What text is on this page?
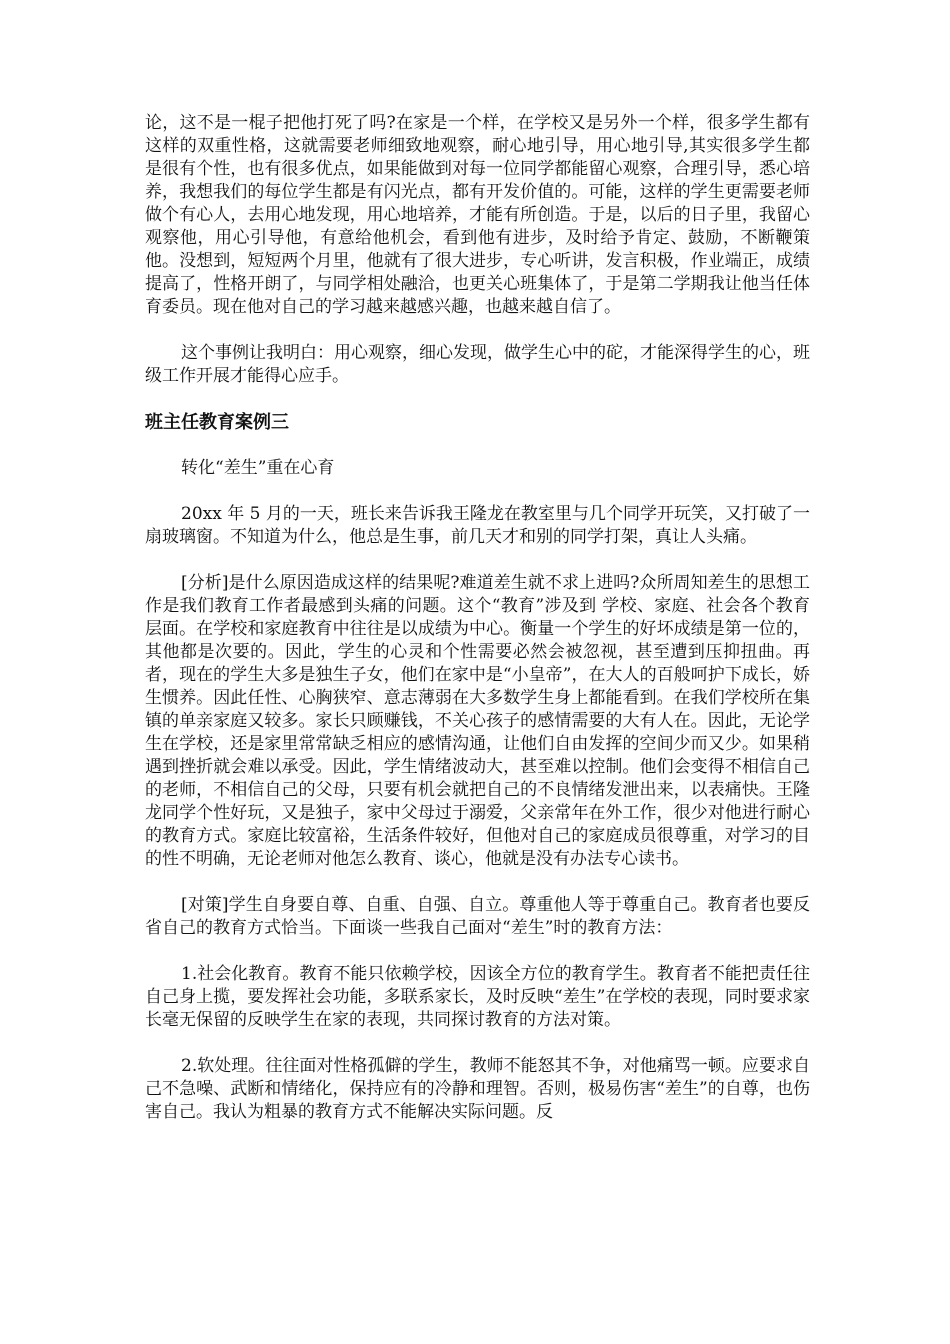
论，这不是一棍子把他打死了吗?在家是一个样，在学校又是另外一个样，很多学生都有这样的双重性格，这就需要老师细致地观察，耐心地引导，用心地引导,其实很多学生都是很有个性，也有很多优点，如果能做到对每一位同学都能留心观察，合理引导，悉心培养，我想我们的每位学生都是有闪光点，都有开发价值的。可能，这样的学生更需要老师做个有心人，去用心地发现，用心地培养，才能有所创造。于是，以后的日子里，我留心观察他，用心引导他，有意给他机会，看到他有进步，及时给予肯定、鼓励，不断鞭策他。没想到，短短两个月里，他就有了很大进步，专心听讲，发言积极，作业端正，成绩提高了，性格开朗了，与同学相处融洽，也更关心班集体了，于是第二学期我让他当任体育委员。现在他对自己的学习越来越感兴趣，也越来越自信了。

这个事例让我明白：用心观察，细心发现，做学生心中的砣，才能深得学生的心，班级工作开展才能得心应手。

班主任教育案例三

转化“差生”重在心育

20xx 年 5 月的一天，班长来告诉我王隆龙在教室里与几个同学开玩笑，又打破了一扇玻璃窗。不知道为什么，他总是生事，前几天才和别的同学打架，真让人头痛。

[分析]是什么原因造成这样的结果呢?难道差生就不求上进吗?众所周知差生的思想工作是我们教育工作者最感到头痛的问题。这个“教育”涉及到 学校、家庭、社会各个教育层面。在学校和家庭教育中往往是以成绩为中心。衡量一个学生的好坏成绩是第一位的，其他都是次要的。因此，学生的心灵和个性需要必然会被忽视，甚至遭到压抑扭曲。再者，现在的学生大多是独生子女，他们在家中是“小皇帝”，在大人的百般呵护下成长，娇生惯养。因此任性、心胸狭窄、意志薄弱在大多数学生身上都能看到。在我们学校所在集镇的单亲家庭又较多。家长只顾赚钱，不关心孩子的感情需要的大有人在。因此，无论学生在学校，还是家里常常缺乏相应的感情沟通，让他们自由发挥的空间少而又少。如果稍遇到挫折就会难以承受。因此，学生情绪波动大，甚至难以控制。他们会变得不相信自己的老师，不相信自己的父母，只要有机会就把自己的不良情绪发泄出来，以表痛快。王隆龙同学个性好玩，又是独子，家中父母过于溺爱，父亲常年在外工作，很少对他进行耐心的教育方式。家庭比较富裕，生活条件较好，但他对自己的家庭成员很尊重，对学习的目的性不明确，无论老师对他怎么教育、谈心，他就是没有办法专心读书。

[对策]学生自身要自尊、自重、自强、自立。尊重他人等于尊重自己。教育者也要反省自己的教育方式恰当。下面谈一些我自己面对“差生”时的教育方法：

1.社会化教育。教育不能只依赖学校，因该全方位的教育学生。教育者不能把责任往自己身上揽，要发挥社会功能，多联系家长，及时反映“差生”在学校的表现，同时要求家长毫无保留的反映学生在家的表现，共同探讨教育的方法对策。

2.软处理。往往面对性格孤僻的学生，教师不能怒其不争，对他痛骂一顿。应要求自己不急噪、武断和情绪化，保持应有的冷静和理智。否则，极易伤害“差生”的自尊，也伤害自己。我认为粗暴的教育方式不能解决实际问题。反
